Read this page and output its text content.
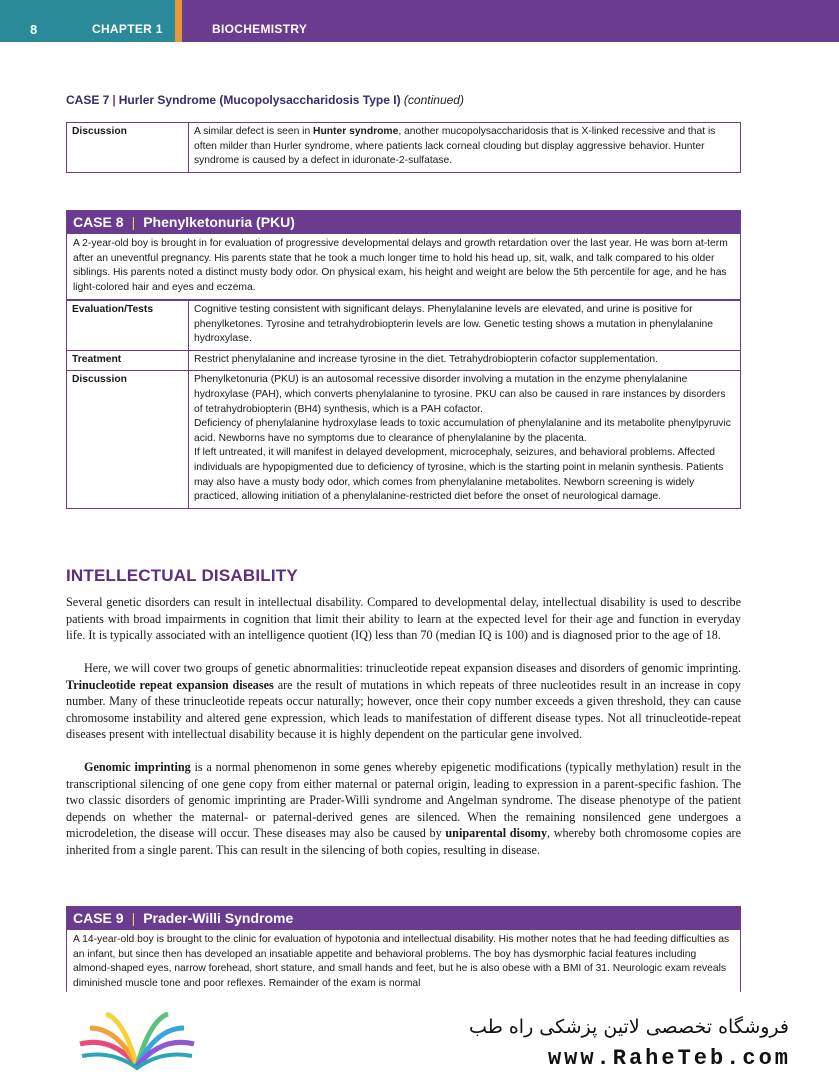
8	CHAPTER 1	BIOCHEMISTRY
CASE 7 | Hurler Syndrome (Mucopolysaccharidosis Type I) (continued)
Discussion	A similar defect is seen in Hunter syndrome, another mucopolysaccharidosis that is X-linked recessive and that is often milder than Hurler syndrome, where patients lack corneal clouding but display aggressive behavior. Hunter syndrome is caused by a defect in iduronate-2-sulfatase.
CASE 8 | Phenylketonuria (PKU)
A 2-year-old boy is brought in for evaluation of progressive developmental delays and growth retardation over the last year. He was born at-term after an uneventful pregnancy. His parents state that he took a much longer time to hold his head up, sit, walk, and talk compared to his older siblings. His parents noted a distinct musty body odor. On physical exam, his height and weight are below the 5th percentile for age, and he has light-colored hair and eyes and eczema.
Evaluation/Tests	Cognitive testing consistent with significant delays. Phenylalanine levels are elevated, and urine is positive for phenylketones. Tyrosine and tetrahydrobiopterin levels are low. Genetic testing shows a mutation in phenylalanine hydroxylase.
Treatment	Restrict phenylalanine and increase tyrosine in the diet. Tetrahydrobiopterin cofactor supplementation.
Discussion	Phenylketonuria (PKU) is an autosomal recessive disorder involving a mutation in the enzyme phenylalanine hydroxylase (PAH), which converts phenylalanine to tyrosine. PKU can also be caused in rare instances by disorders of tetrahydrobiopterin (BH4) synthesis, which is a PAH cofactor.
Deficiency of phenylalanine hydroxylase leads to toxic accumulation of phenylalanine and its metabolite phenylpyruvic acid. Newborns have no symptoms due to clearance of phenylalanine by the placenta.
If left untreated, it will manifest in delayed development, microcephaly, seizures, and behavioral problems. Affected individuals are hypopigmented due to deficiency of tyrosine, which is the starting point in melanin synthesis. Patients may also have a musty body odor, which comes from phenylalanine metabolites. Newborn screening is widely practiced, allowing initiation of a phenylalanine-restricted diet before the onset of neurological damage.
INTELLECTUAL DISABILITY
Several genetic disorders can result in intellectual disability. Compared to developmental delay, intellectual disability is used to describe patients with broad impairments in cognition that limit their ability to learn at the expected level for their age and function in everyday life. It is typically associated with an intelligence quotient (IQ) less than 70 (median IQ is 100) and is diagnosed prior to the age of 18.
Here, we will cover two groups of genetic abnormalities: trinucleotide repeat expansion diseases and disorders of genomic imprinting. Trinucleotide repeat expansion diseases are the result of mutations in which repeats of three nucleotides result in an increase in copy number. Many of these trinucleotide repeats occur naturally; however, once their copy number exceeds a given threshold, they can cause chromosome instability and altered gene expression, which leads to manifestation of different disease types. Not all trinucleotide-repeat diseases present with intellectual disability because it is highly dependent on the particular gene involved.
Genomic imprinting is a normal phenomenon in some genes whereby epigenetic modifications (typically methylation) result in the transcriptional silencing of one gene copy from either maternal or paternal origin, leading to expression in a parent-specific fashion. The two classic disorders of genomic imprinting are Prader-Willi syndrome and Angelman syndrome. The disease phenotype of the patient depends on whether the maternal- or paternal-derived genes are silenced. When the remaining nonsilenced gene undergoes a microdeletion, the disease will occur. These diseases may also be caused by uniparental disomy, whereby both chromosome copies are inherited from a single parent. This can result in the silencing of both copies, resulting in disease.
CASE 9 | Prader-Willi Syndrome
A 14-year-old boy is brought to the clinic for evaluation of hypotonia and intellectual disability. His mother notes that he had feeding difficulties as an infant, but since then has developed an insatiable appetite and behavioral problems. The boy has dysmorphic facial features including almond-shaped eyes, narrow forehead, short stature, and small hands and feet, but he is also obese with a BMI of 31. Neurologic exam reveals diminished muscle tone and poor reflexes. Remainder of the exam is normal
فروشگاه تخصصی لاتین پزشکی راه طب
www.RaheTeb.com
